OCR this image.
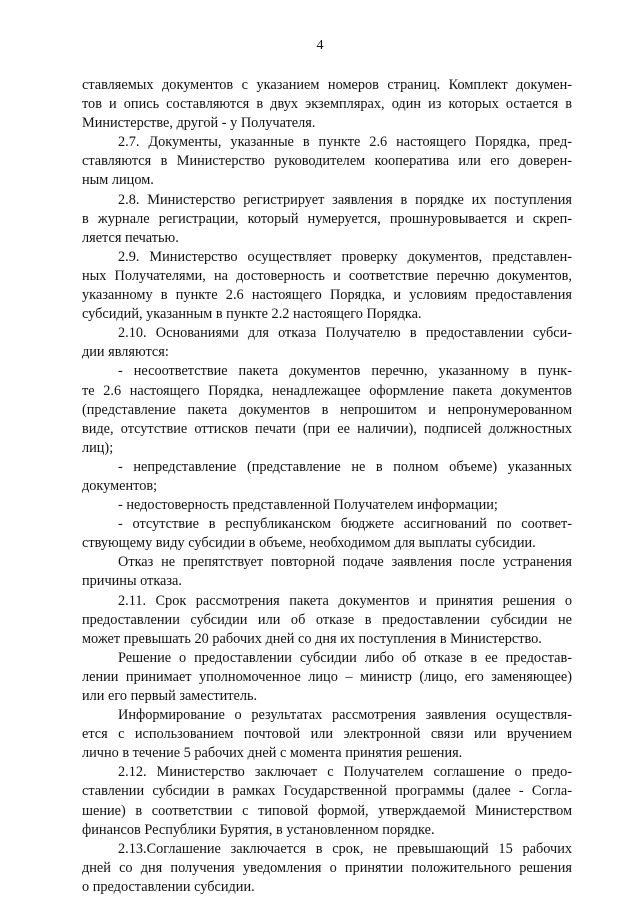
4
ставляемых документов с указанием номеров страниц. Комплект докумен-
тов и опись составляются в двух экземплярах, один из которых остается в
Министерстве, другой - у Получателя.
2.7. Документы, указанные в пункте 2.6 настоящего Порядка, пред-
ставляются в Министерство руководителем кооператива или его доверен-
ным лицом.
2.8. Министерство регистрирует заявления в порядке их поступления
в журнале регистрации, который нумеруется, прошнуровывается и скреп-
ляется печатью.
2.9. Министерство осуществляет проверку документов, представлен-
ных Получателями, на достоверность и соответствие перечню документов,
указанному в пункте 2.6 настоящего Порядка, и условиям предоставления
субсидий, указанным в пункте 2.2 настоящего Порядка.
2.10. Основаниями для отказа Получателю в предоставлении субси-
дии являются:
- несоответствие пакета документов перечню, указанному в пунк-
те 2.6 настоящего Порядка, ненадлежащее оформление пакета документов
(представление пакета документов в непрошитом и непронумерованном
виде, отсутствие оттисков печати (при ее наличии), подписей должностных
лиц);
- непредставление (представление не в полном объеме) указанных
документов;
- недостоверность представленной Получателем информации;
- отсутствие в республиканском бюджете ассигнований по соответ-
ствующему виду субсидии в объеме, необходимом для выплаты субсидии.
Отказ не препятствует повторной подаче заявления после устранения
причины отказа.
2.11. Срок рассмотрения пакета документов и принятия решения о
предоставлении субсидии или об отказе в предоставлении субсидии не
может превышать 20 рабочих дней со дня их поступления в Министерство.
Решение о предоставлении субсидии либо об отказе в ее предостав-
лении принимает уполномоченное лицо – министр (лицо, его заменяющее)
или его первый заместитель.
Информирование о результатах рассмотрения заявления осуществля-
ется с использованием почтовой или электронной связи или вручением
лично в течение 5 рабочих дней с момента принятия решения.
2.12. Министерство заключает с Получателем соглашение о предо-
ставлении субсидии в рамках Государственной программы (далее - Согла-
шение) в соответствии с типовой формой, утверждаемой Министерством
финансов Республики Бурятия, в установленном порядке.
2.13.Соглашение заключается в срок, не превышающий 15 рабочих
дней со дня получения уведомления о принятии положительного решения
о предоставлении субсидии.
